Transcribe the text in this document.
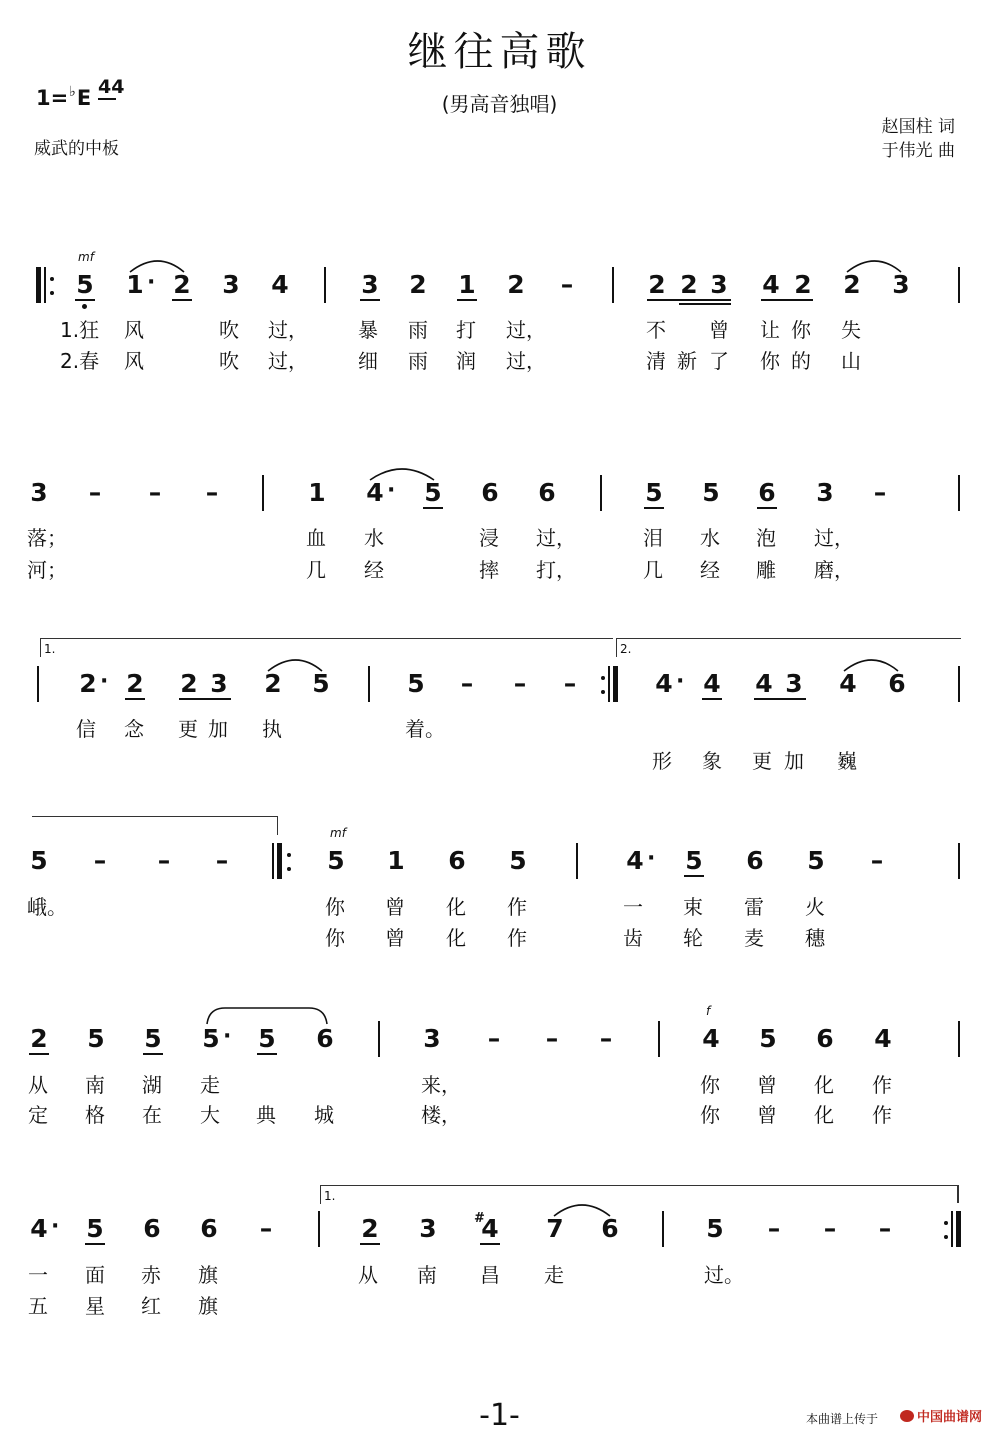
继往高歌
(男高音独唱)
1=♭E 4
4
威武的中板
赵国柱 词
于伟光 曲
mf
5 1 · 2 3 4	3 2 1 2 –	2 2 3 4 2 2 3
1.狂 风	吹 过，	暴 雨 打 过，	不 曾 让 你 失
2.春 风	吹 过，	细 雨 润 过，	清 新 了 你 的 山
3 – – –	1 4 · 5 6 6	5 5 6 3 –
落；	血 水	浸 过，	泪 水 泡 过，
河；	几 经	摔 打，	几 经 雕 磨，
1.	2.
2 · 2 2 3 2 5	5 – – –	4 · 4 4 3 4 6
信 念 更 加 执	着。
形 象 更 加 巍
5 – – –
mf
5 1 6 5	4 · 5 6 5 –
峨。	你 曾 化 作	一 束 雷 火
你 曾 化 作	齿 轮 麦 穗
2 5 5 5 · 5 6	3 – – –
f
4 5 6 4
从 南 湖 走	来，	你 曾 化 作
定 格 在 大 典 城	楼，	你 曾 化 作
1.
4 · 5 6 6 –	2 3	#
4 7 6	5 – – –
一 面 赤 旗	从 南 昌 走	过。
五 星 红 旗
-1-	本曲谱上传于	中国曲谱网
